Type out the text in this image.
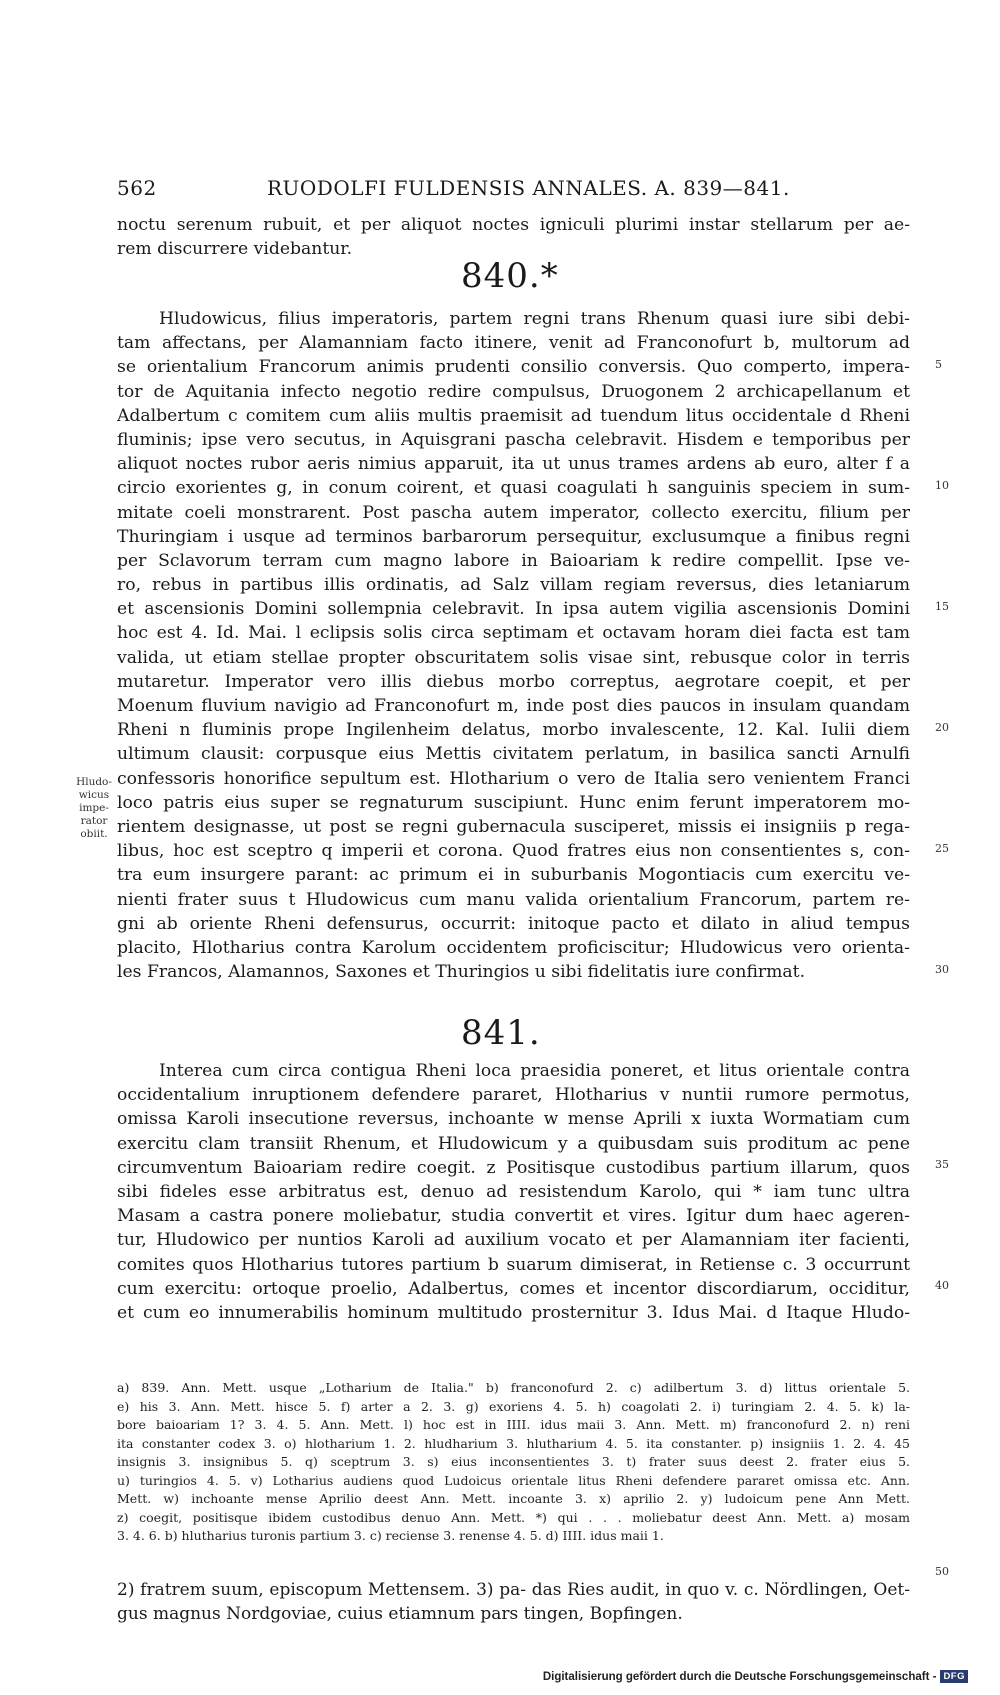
562	RUODOLFI FULDENSIS ANNALES. A. 839—841.
noctu serenum rubuit, et per aliquot noctes igniculi plurimi instar stellarum per ae-
rem discurrere videbantur.
840.*
Hludowicus, filius imperatoris, partem regni trans Rhenum quasi iure sibi debi-
tam affectans, per Alamanniam facto itinere, venit ad Franconofurt b, multorum ad
se orientalium Francorum animis prudenti consilio conversis. Quo comperto, impera-
tor de Aquitania infecto negotio redire compulsus, Druogonem 2 archicapellanum et
Adalbertum c comitem cum aliis multis praemisit ad tuendum litus occidentale d Rheni
fluminis; ipse vero secutus, in Aquisgrani pascha celebravit. Hisdem e temporibus per
aliquot noctes rubor aeris nimius apparuit, ita ut unus trames ardens ab euro, alter f a
circio exorientes g, in conum coirent, et quasi coagulati h sanguinis speciem in sum-
mitate coeli monstrarent. Post pascha autem imperator, collecto exercitu, filium per
Thuringiam i usque ad terminos barbarorum persequitur, exclusumque a finibus regni
per Sclavorum terram cum magno labore in Baioariam k redire compellit. Ipse ve-
ro, rebus in partibus illis ordinatis, ad Salz villam regiam reversus, dies letaniarum
et ascensionis Domini sollempnia celebravit. In ipsa autem vigilia ascensionis Domini
hoc est 4. Id. Mai. l eclipsis solis circa septimam et octavam horam diei facta est tam
valida, ut etiam stellae propter obscuritatem solis visae sint, rebusque color in terris
mutaretur. Imperator vero illis diebus morbo correptus, aegrotare coepit, et per
Moenum fluvium navigio ad Franconofurt m, inde post dies paucos in insulam quandam
Rheni n fluminis prope Ingilenheim delatus, morbo invalescente, 12. Kal. Iulii diem
ultimum clausit: corpusque eius Mettis civitatem perlatum, in basilica sancti Arnulfi
confessoris honorifice sepultum est. Hlotharium o vero de Italia sero venientem Franci
loco patris eius super se regnaturum suscipiunt. Hunc enim ferunt imperatorem mo-
rientem designasse, ut post se regni gubernacula susciperet, missis ei insigniis p rega-
libus, hoc est sceptro q imperii et corona. Quod fratres eius non consentientes s, con-
tra eum insurgere parant: ac primum ei in suburbanis Mogontiacis cum exercitu ve-
nienti frater suus t Hludowicus cum manu valida orientalium Francorum, partem re-
gni ab oriente Rheni defensurus, occurrit: initoque pacto et dilato in aliud tempus
placito, Hlotharius contra Karolum occidentem proficiscitur; Hludowicus vero orienta-
les Francos, Alamannos, Saxones et Thuringios u sibi fidelitatis iure confirmat.
Hludo-
wicus
impe-
rator
obiit.
5
10
15
20
25
30
35
40
841.
Interea cum circa contigua Rheni loca praesidia poneret, et litus orientale contra
occidentalium inruptionem defendere pararet, Hlotharius v nuntii rumore permotus,
omissa Karoli insecutione reversus, inchoante w mense Aprili x iuxta Wormatiam cum
exercitu clam transiit Rhenum, et Hludowicum y a quibusdam suis proditum ac pene
circumventum Baioariam redire coegit. z Positisque custodibus partium illarum, quos
sibi fideles esse arbitratus est, denuo ad resistendum Karolo, qui * iam tunc ultra
Masam a castra ponere moliebatur, studia convertit et vires. Igitur dum haec ageren-
tur, Hludowico per nuntios Karoli ad auxilium vocato et per Alamanniam iter facienti,
comites quos Hlotharius tutores partium b suarum dimiserat, in Retiense c. 3 occurrunt
cum exercitu: ortoque proelio, Adalbertus, comes et incentor discordiarum, occiditur,
et cum eo innumerabilis hominum multitudo prosternitur 3. Idus Mai. d Itaque Hludo-
a) 839. Ann. Mett. usque „Lotharium de Italia." b) franconofurd 2. c) adilbertum 3. d) littus orientale 5.
e) his 3. Ann. Mett. hisce 5. f) arter a 2. 3. g) exoriens 4. 5. h) coagolati 2. i) turingiam 2. 4. 5. k) la-
bore baioariam 1? 3. 4. 5. Ann. Mett. l) hoc est in IIII. idus maii 3. Ann. Mett. m) franconofurd 2. n) reni
ita constanter codex 3. o) hlotharium 1. 2. hludharium 3. hlutharium 4. 5. ita constanter. p) insigniis 1. 2. 4. 45
insignis 3. insignibus 5. q) sceptrum 3. s) eius inconsentientes 3. t) frater suus deest 2. frater eius 5.
u) turingios 4. 5. v) Lotharius audiens quod Ludoicus orientale litus Rheni defendere pararet omissa etc. Ann.
Mett. w) inchoante mense Aprilio deest Ann. Mett. incoante 3. x) aprilio 2. y) ludoicum pene Ann Mett.
z) coegit, positisque ibidem custodibus denuo Ann. Mett. *) qui . . . moliebatur deest Ann. Mett. a) mosam
3. 4. 6. b) hlutharius turonis partium 3. c) reciense 3. renense 4. 5. d) IIII. idus maii 1.
50
2) fratrem suum, episcopum Mettensem. 3) pa- das Ries audit, in quo v. c. Nördlingen, Oet-
gus magnus Nordgoviae, cuius etiamnum pars tingen, Bopfingen.
Digitalisierung gefördert durch die Deutsche Forschungsgemeinschaft - DFG
